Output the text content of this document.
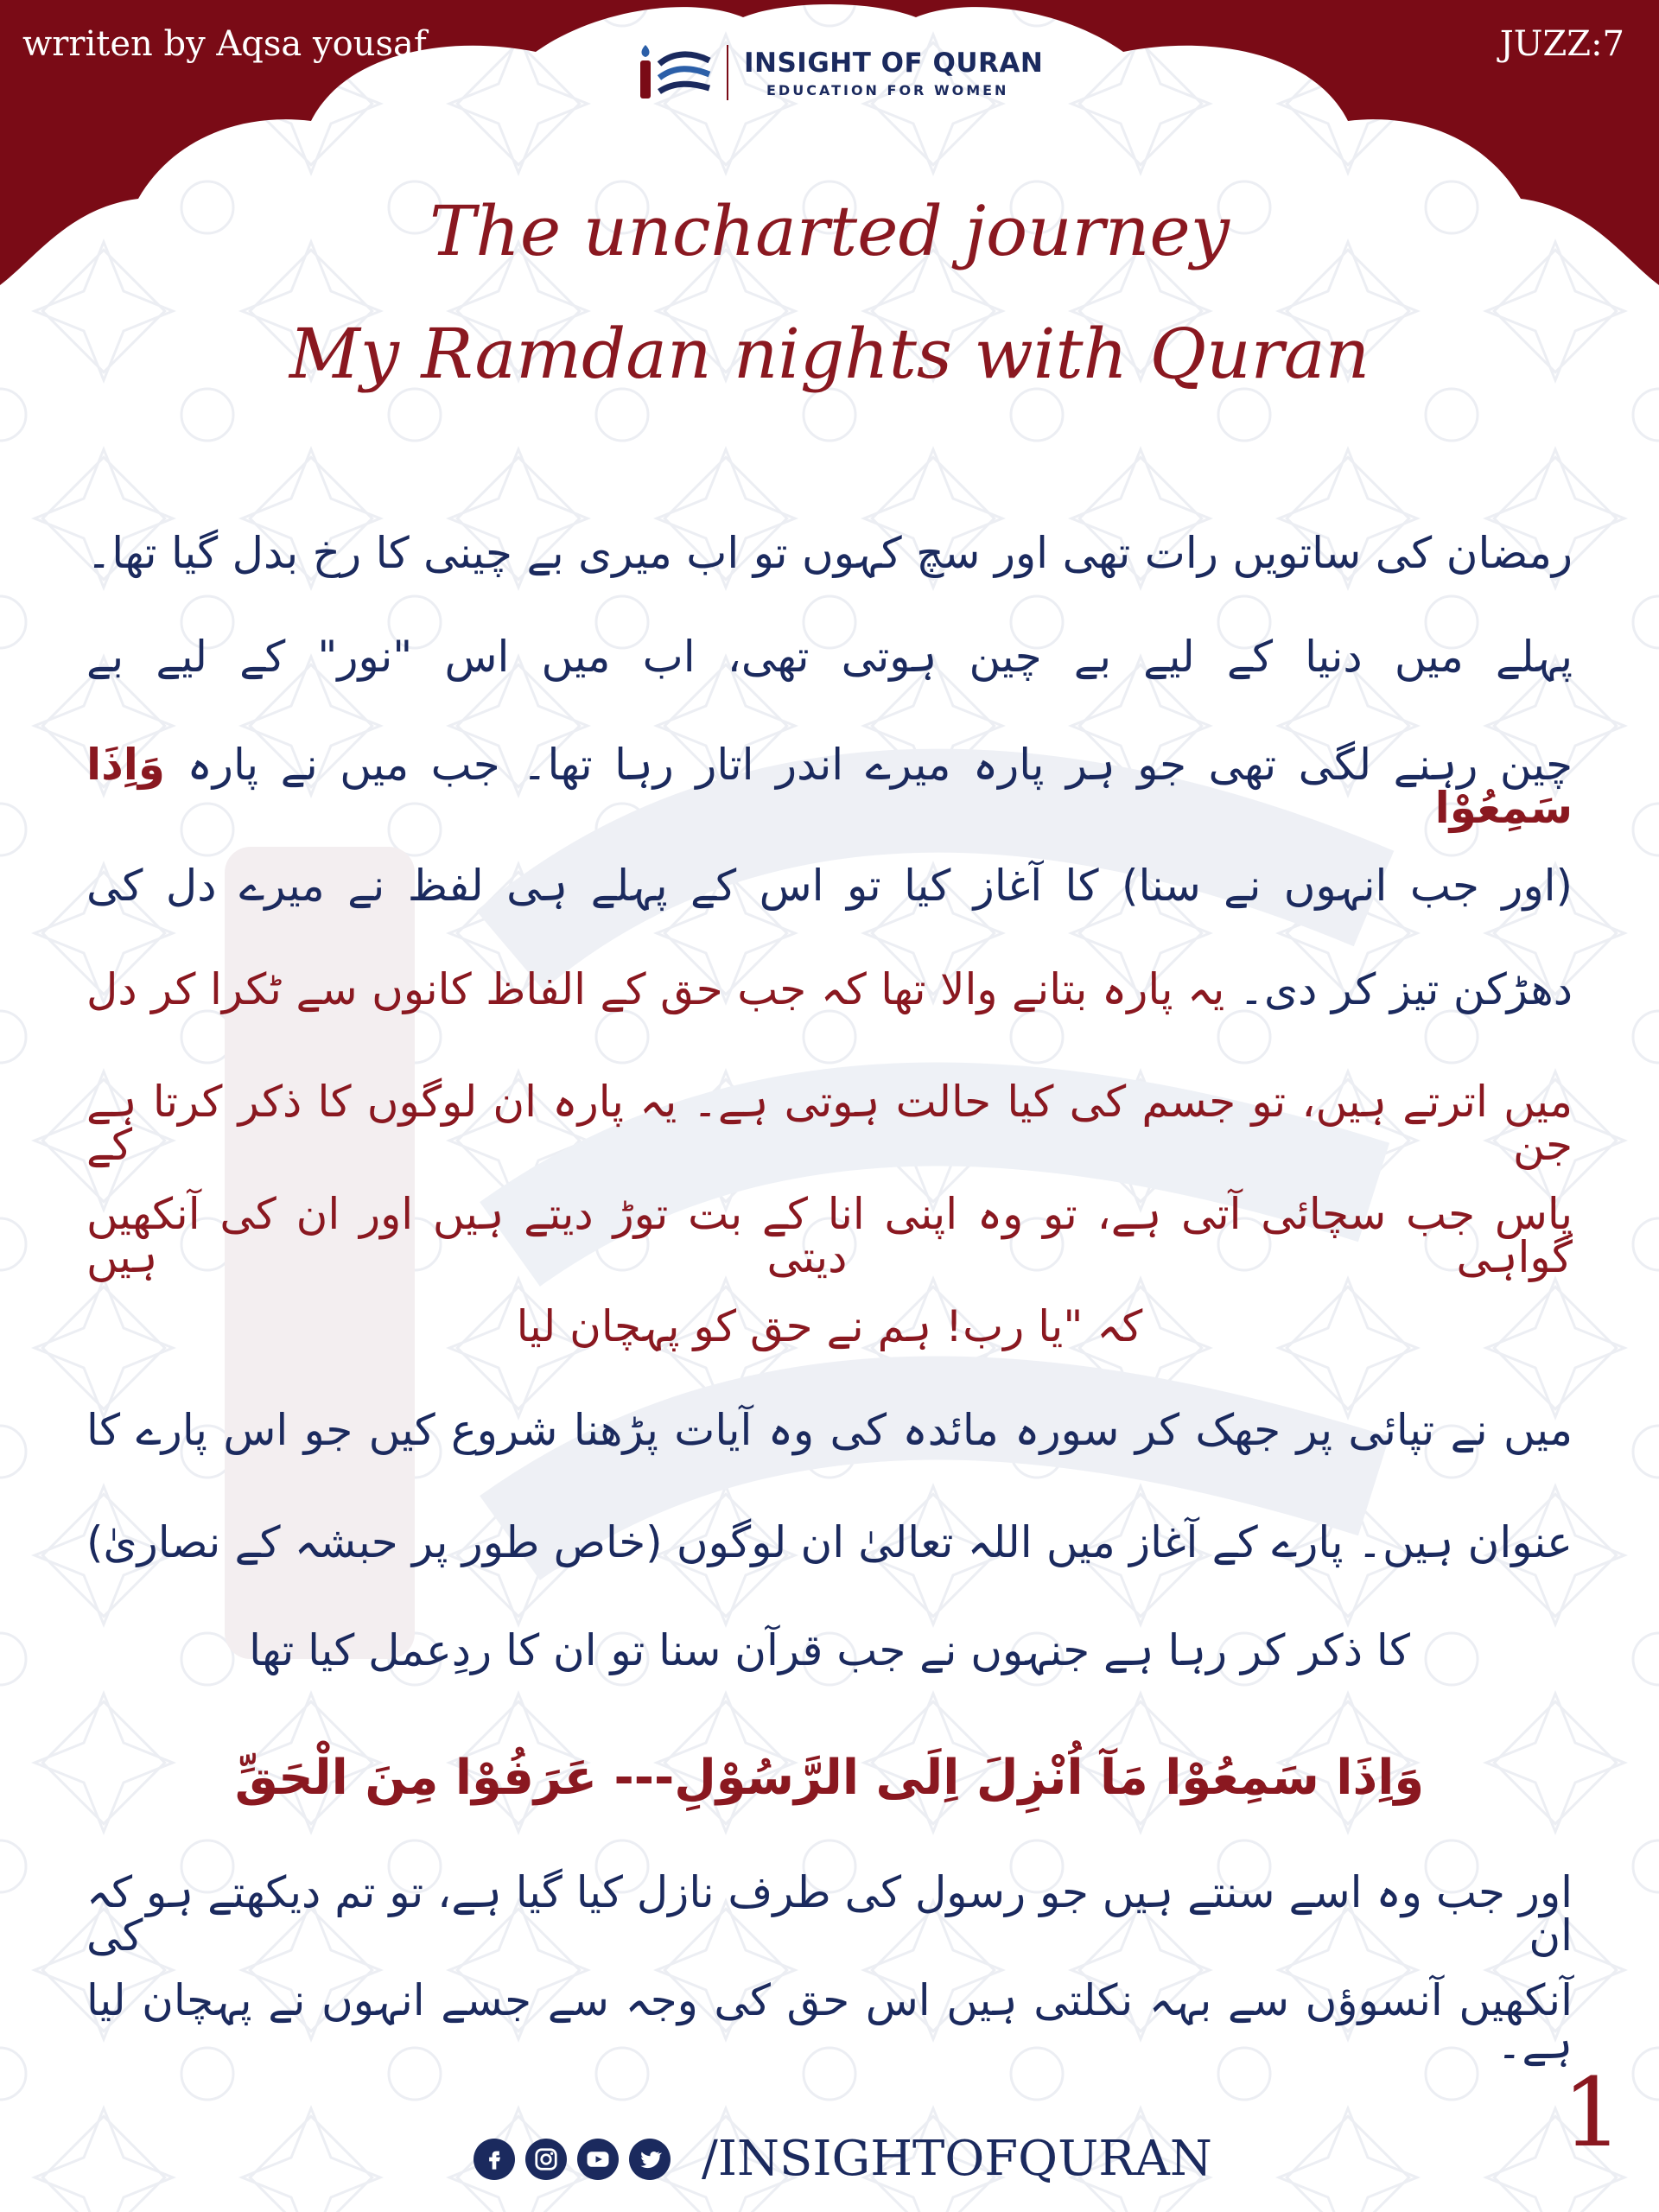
wrriten by Aqsa yousaf	JUZZ:7
INSIGHT OF QURAN
EDUCATION FOR WOMEN
The uncharted journey
My Ramdan nights with Quran
رمضان کی ساتویں رات تھی اور سچ کہوں تو اب میری بے چینی کا رخ بدل گیا تھا۔
پہلے میں دنیا کے لیے بے چین ہوتی تھی، اب میں اس "نور" کے لیے بے
چین رہنے لگی تھی جو ہر پارہ میرے اندر اتار رہا تھا۔ جب میں نے پارہ وَاِذَا سَمِعُوْا
(اور جب انہوں نے سنا) کا آغاز کیا تو اس کے پہلے ہی لفظ نے میرے دل کی
دھڑکن تیز کر دی۔ یہ پارہ بتانے والا تھا کہ جب حق کے الفاظ کانوں سے ٹکرا کر دل
میں اترتے ہیں، تو جسم کی کیا حالت ہوتی ہے۔ یہ پارہ ان لوگوں کا ذکر کرتا ہے جن کے
پاس جب سچائی آتی ہے، تو وہ اپنی انا کے بت توڑ دیتے ہیں اور ان کی آنکھیں گواہی دیتی ہیں
کہ "یا رب! ہم نے حق کو پہچان لیا
میں نے تپائی پر جھک کر سورہ مائدہ کی وہ آیات پڑھنا شروع کیں جو اس پارے کا
عنوان ہیں۔ پارے کے آغاز میں اللہ تعالیٰ ان لوگوں (خاص طور پر حبشہ کے نصاریٰ)
کا ذکر کر رہا ہے جنہوں نے جب قرآن سنا تو ان کا ردِعمل کیا تھا
وَاِذَا سَمِعُوْا مَآ اُنْزِلَ اِلَى الرَّسُوْلِ--- عَرَفُوْا مِنَ الْحَقِّ
اور جب وہ اسے سنتے ہیں جو رسول کی طرف نازل کیا گیا ہے، تو تم دیکھتے ہو کہ ان کی
آنکھیں آنسوؤں سے بہہ نکلتی ہیں اس حق کی وجہ سے جسے انہوں نے پہچان لیا ہے۔
1
/INSIGHTOFQURAN
